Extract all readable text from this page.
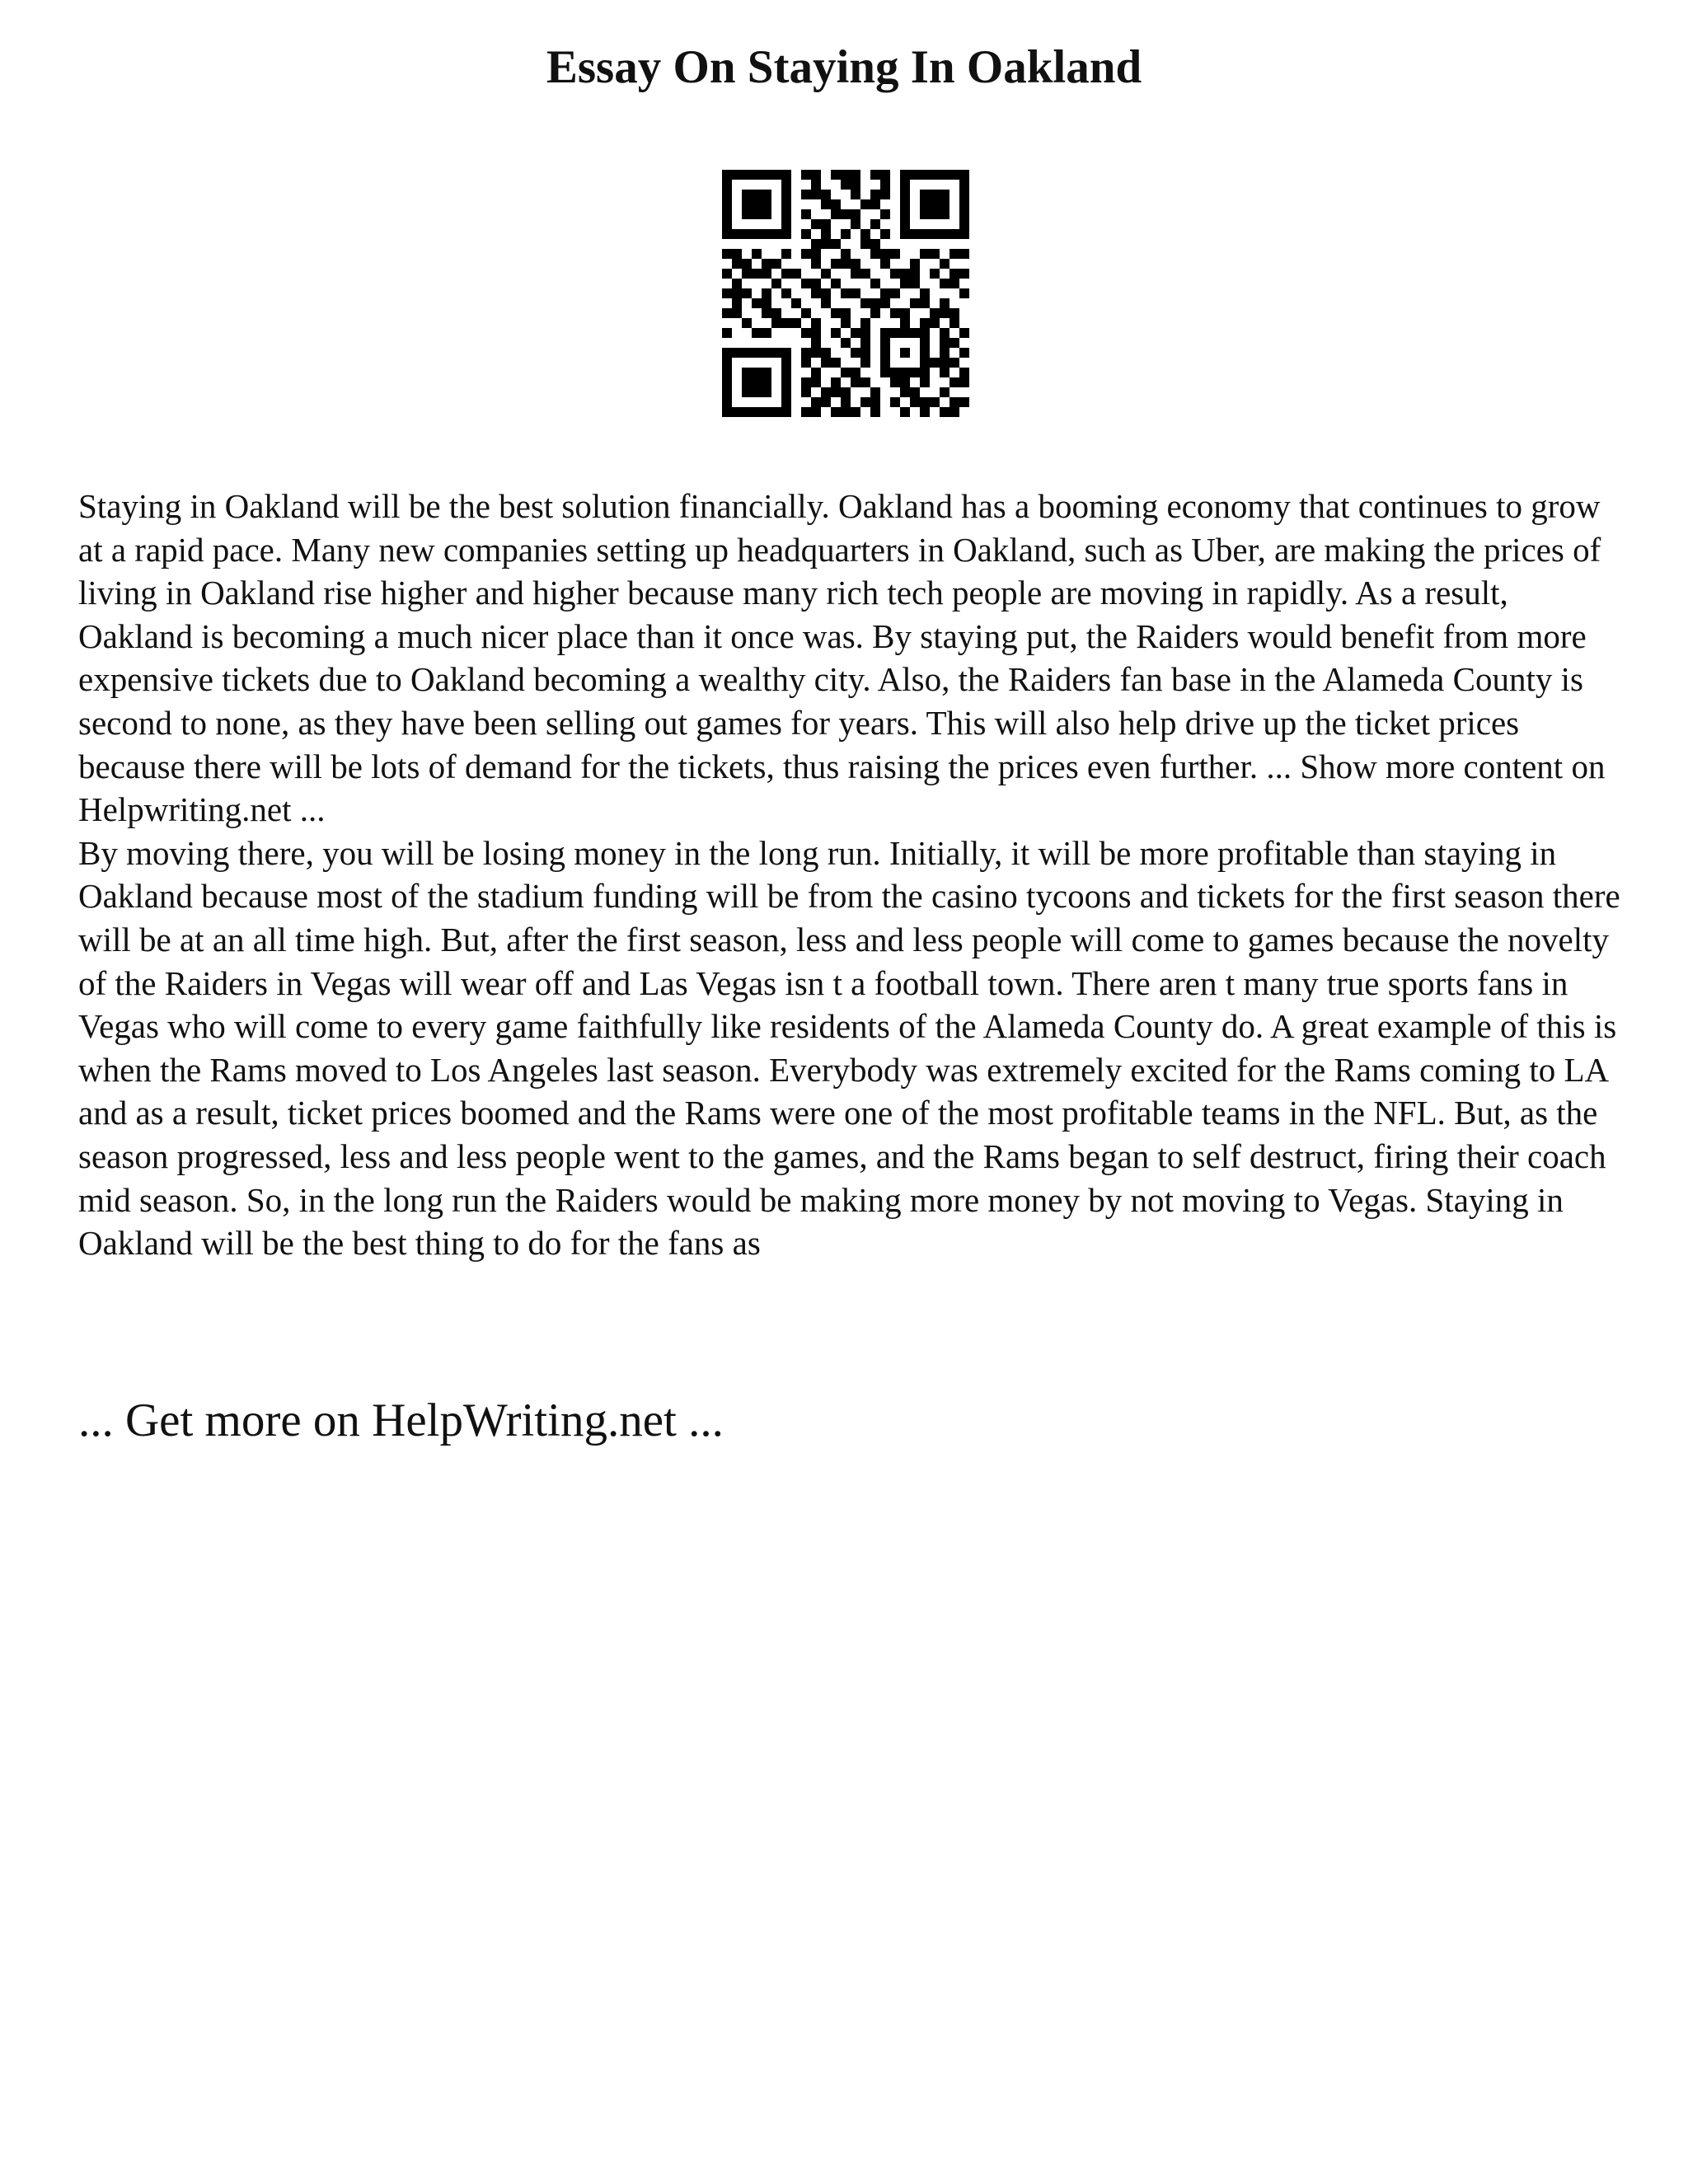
Essay On Staying In Oakland

Staying in Oakland will be the best solution financially. Oakland has a booming economy that continues to grow at a rapid pace. Many new companies setting up headquarters in Oakland, such as Uber, are making the prices of living in Oakland rise higher and higher because many rich tech people are moving in rapidly. As a result, Oakland is becoming a much nicer place than it once was. By staying put, the Raiders would benefit from more expensive tickets due to Oakland becoming a wealthy city. Also, the Raiders fan base in the Alameda County is second to none, as they have been selling out games for years. This will also help drive up the ticket prices because there will be lots of demand for the tickets, thus raising the prices even further. ... Show more content on Helpwriting.net ...

By moving there, you will be losing money in the long run. Initially, it will be more profitable than staying in Oakland because most of the stadium funding will be from the casino tycoons and tickets for the first season there will be at an all time high. But, after the first season, less and less people will come to games because the novelty of the Raiders in Vegas will wear off and Las Vegas isn t a football town. There aren t many true sports fans in Vegas who will come to every game faithfully like residents of the Alameda County do. A great example of this is when the Rams moved to Los Angeles last season. Everybody was extremely excited for the Rams coming to LA and as a result, ticket prices boomed and the Rams were one of the most profitable teams in the NFL. But, as the season progressed, less and less people went to the games, and the Rams began to self destruct, firing their coach mid season. So, in the long run the Raiders would be making more money by not moving to Vegas. Staying in Oakland will be the best thing to do for the fans as

... Get more on HelpWriting.net ...
